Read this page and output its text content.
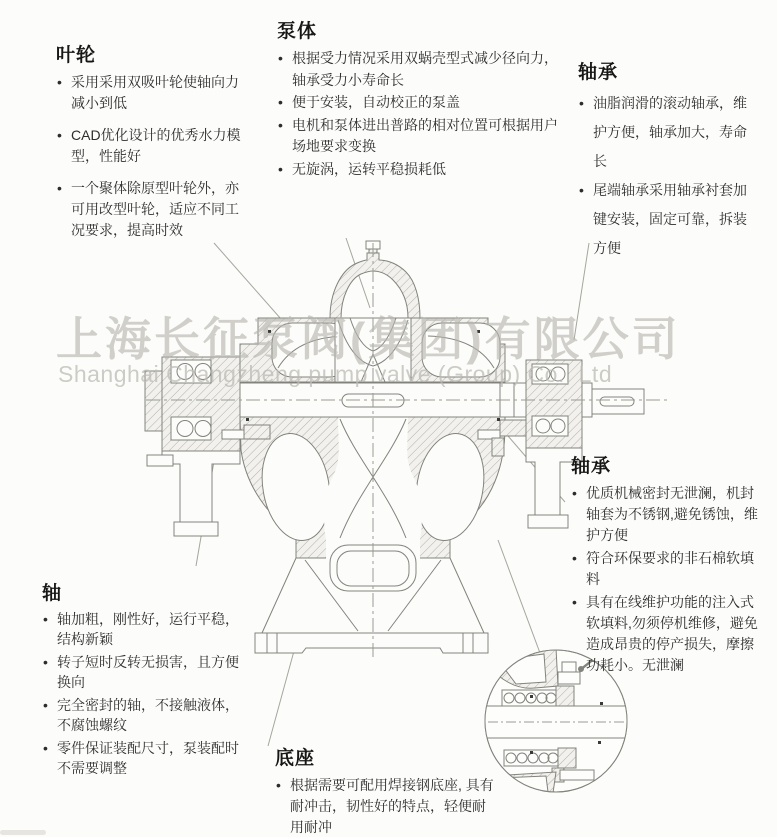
上海长征泵阀(集团)有限公司
Shanghai Changzheng pump valve (Group) Co., Ltd
叶轮
• 采用采用双吸叶轮使轴向力减小到低
• CAD优化设计的优秀水力模型，性能好
• 一个聚体除原型叶轮外，亦可用改型叶轮，适应不同工况要求，提高时效
泵体
• 根据受力情况采用双蜗壳型式减少径向力，轴承受力小寿命长
• 便于安装，自动校正的泵盖
• 电机和泵体进出普路的相对位置可根据用户场地要求变换
• 无旋涡，运转平稳损耗低
轴承
• 油脂润滑的滚动轴承，维护方便，轴承加大，寿命长
• 尾端轴承采用轴承衬套加键安装，固定可靠，拆装方便
轴承
• 优质机械密封无泄澜，机封轴套为不锈钢,避免锈蚀，维护方便
• 符合环保要求的非石棉软填料
• 具有在线维护功能的注入式软填料,勿须停机维修，避免造成昂贵的停产损失，摩擦功耗小。无泄澜
轴
• 轴加粗，刚性好，运行平稳，结构新颖
• 转子短时反转无损害，且方便换向
• 完全密封的轴，不接触液体，不腐蚀螺纹
• 零件保证装配尺寸，泵装配时不需要调整	底座
• 根据需要可配用焊接钢底座, 具有耐冲击，韧性好的特点，轻便耐用耐冲
